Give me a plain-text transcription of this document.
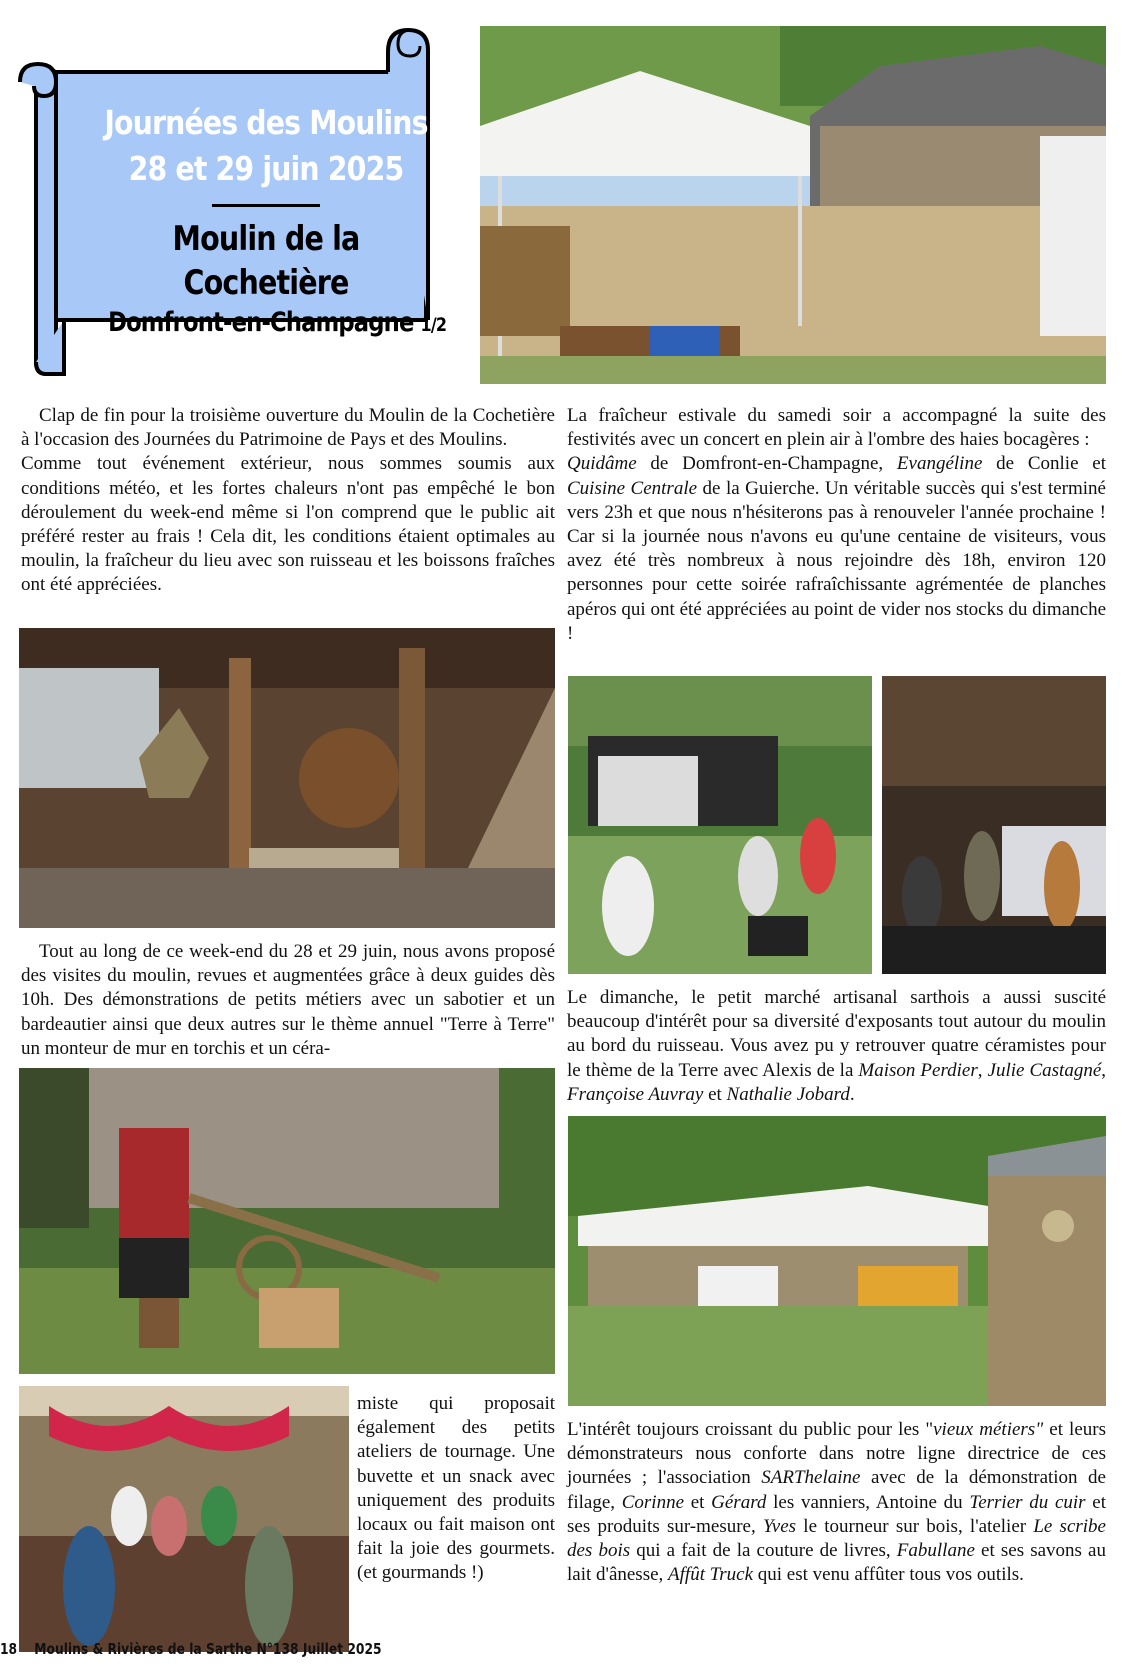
Journées des Moulins
28 et 29 juin 2025
Moulin de la Cochetière
Domfront-en-Champagne 1/2

Clap de fin pour la troisième ouverture du Moulin de la Cochetière à l'occasion des Journées du Patrimoine de Pays et des Moulins.

Comme tout événement extérieur, nous sommes soumis aux conditions météo, et les fortes chaleurs n'ont pas empêché le bon déroulement du week-end même si l'on comprend que le public ait préféré rester au frais ! Cela dit, les conditions étaient optimales au moulin, la fraîcheur du lieu avec son ruisseau et les boissons fraîches ont été appréciées.

Tout au long de ce week-end du 28 et 29 juin, nous avons proposé des visites du moulin, revues et augmentées grâce à deux guides dès 10h. Des démonstrations de petits métiers avec un sabotier et un bardeautier ainsi que deux autres sur le thème annuel "Terre à Terre" un monteur de mur en torchis et un céra-

miste qui proposait également des petits ateliers de tournage. Une buvette et un snack avec uniquement des produits locaux ou fait maison ont fait la joie des gourmets. (et gourmands !)

La fraîcheur estivale du samedi soir a accompagné la suite des festivités avec un concert en plein air à l'ombre des haies bocagères :

Quidâme de Domfront-en-Champagne, Evangéline de Conlie et Cuisine Centrale de la Guierche. Un véritable succès qui s'est terminé vers 23h et que nous n'hésiterons pas à renouveler l'année prochaine ! Car si la journée nous n'avons eu qu'une centaine de visiteurs, vous avez été très nombreux à nous rejoindre dès 18h, environ 120 personnes pour cette soirée rafraîchissante agrémentée de planches apéros qui ont été appréciées au point de vider nos stocks du dimanche !

Le dimanche, le petit marché artisanal sarthois a aussi suscité beaucoup d'intérêt pour sa diversité d'exposants tout autour du moulin au bord du ruisseau. Vous avez pu y retrouver quatre céramistes pour le thème de la Terre avec Alexis de la Maison Perdier, Julie Castagné, Françoise Auvray et Nathalie Jobard.

L'intérêt toujours croissant du public pour les "vieux métiers" et leurs démonstrateurs nous conforte dans notre ligne directrice de ces journées ; l'association SARThelaine avec de la démonstration de filage, Corinne et Gérard les vanniers, Antoine du Terrier du cuir et ses produits sur-mesure, Yves le tourneur sur bois, l'atelier Le scribe des bois qui a fait de la couture de livres, Fabullane et ses savons au lait d'ânesse, Affût Truck qui est venu affûter tous vos outils.

18 Moulins & Rivières de la Sarthe N°138 Juillet 2025
